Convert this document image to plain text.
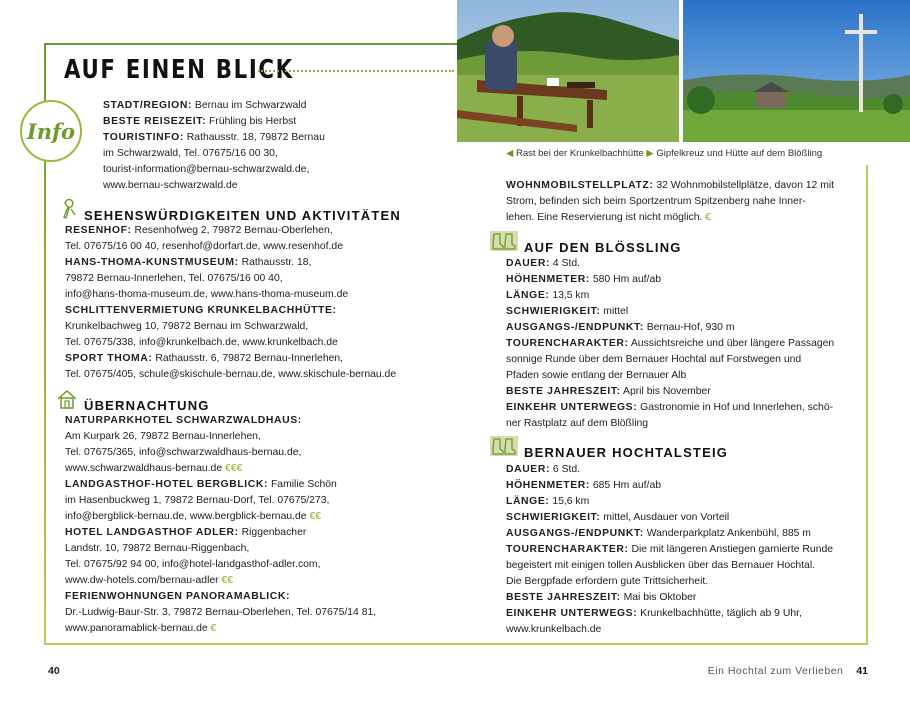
AUF EINEN BLICK
Info
STADT/REGION: Bernau im Schwarzwald
BESTE REISEZEIT: Frühling bis Herbst
TOURISTINFO: Rathausstr. 18, 79872 Bernau
im Schwarzwald, Tel. 07675/16 00 30,
tourist-information@bernau-schwarzwald.de,
www.bernau-schwarzwald.de
SEHENSWÜRDIGKEITEN UND AKTIVITÄTEN
RESENHOF: Resenhofweg 2, 79872 Bernau-Oberlehen,
Tel. 07675/16 00 40, resenhof@dorfart.de, www.resenhof.de
HANS-THOMA-KUNSTMUSEUM: Rathausstr. 18,
79872 Bernau-Innerlehen, Tel. 07675/16 00 40,
info@hans-thoma-museum.de, www.hans-thoma-museum.de
SCHLITTENVERMIETUNG KRUNKELBACHHÜTTE:
Krunkelbachweg 10, 79872 Bernau im Schwarzwald,
Tel. 07675/338, info@krunkelbach.de, www.krunkelbach.de
SPORT THOMA: Rathausstr. 6, 79872 Bernau-Innerlehen,
Tel. 07675/405, schule@skischule-bernau.de, www.skischule-bernau.de
ÜBERNACHTUNG
NATURPARKHOTEL SCHWARZWALDHAUS:
Am Kurpark 26, 79872 Bernau-Innerlehen,
Tel. 07675/365, info@schwarzwaldhaus-bernau.de,
www.schwarzwaldhaus-bernau.de €€€
LANDGASTHOF-HOTEL BERGBLICK: Familie Schön
im Hasenbuckweg 1, 79872 Bernau-Dorf, Tel. 07675/273,
info@bergblick-bernau.de, www.bergblick-bernau.de €€
HOTEL LANDGASTHOF ADLER: Riggenbacher
Landstr. 10, 79872 Bernau-Riggenbach,
Tel. 07675/92 94 00, info@hotel-landgasthof-adler.com,
www.dw-hotels.com/bernau-adler €€
FERIENWOHNUNGEN PANORAMABLICK:
Dr.-Ludwig-Baur-Str. 3, 79872 Bernau-Oberlehen, Tel. 07675/14 81,
www.panoramablick-bernau.de €
◀ Rast bei der Krunkelbachhütte ▶ Gipfelkreuz und Hütte auf dem Blößling
WOHNMOBILSTELLPLATZ: 32 Wohnmobilstellplätze, davon 12 mit
Strom, befinden sich beim Sportzentrum Spitzenberg nahe Inner-
lehen. Eine Reservierung ist nicht möglich. €
AUF DEN BLÖSSLING
DAUER: 4 Std.
HÖHENMETER: 580 Hm auf/ab
LÄNGE: 13,5 km
SCHWIERIGKEIT: mittel
AUSGANGS-/ENDPUNKT: Bernau-Hof, 930 m
TOURENCHARAKTER: Aussichtsreiche und über längere Passagen
sonnige Runde über dem Bernauer Hochtal auf Forstwegen und
Pfaden sowie entlang der Bernauer Alb
BESTE JAHRESZEIT: April bis November
EINKEHR UNTERWEGS: Gastronomie in Hof und Innerlehen, schö-
ner Rastplatz auf dem Blößling
BERNAUER HOCHTALSTEIG
DAUER: 6 Std.
HÖHENMETER: 685 Hm auf/ab
LÄNGE: 15,6 km
SCHWIERIGKEIT: mittel, Ausdauer von Vorteil
AUSGANGS-/ENDPUNKT: Wanderparkplatz Ankenbühl, 885 m
TOURENCHARAKTER: Die mit längeren Anstiegen garnierte Runde
begeistert mit einigen tollen Ausblicken über das Bernauer Hochtal.
Die Bergpfade erfordern gute Trittsicherheit.
BESTE JAHRESZEIT: Mai bis Oktober
EINKEHR UNTERWEGS: Krunkelbachhütte, täglich ab 9 Uhr,
www.krunkelbach.de
40	Ein Hochtal zum Verlieben 41
